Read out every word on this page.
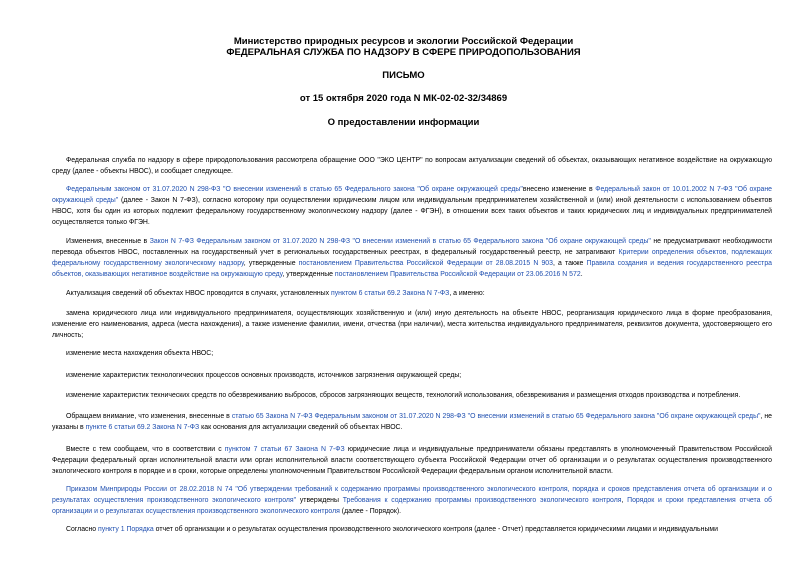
Министерство природных ресурсов и экологии Российской Федерации
ФЕДЕРАЛЬНАЯ СЛУЖБА ПО НАДЗОРУ В СФЕРЕ ПРИРОДОПОЛЬЗОВАНИЯ
ПИСЬМО
от 15 октября 2020 года N МК-02-02-32/34869
О предоставлении информации

Федеральная служба по надзору в сфере природопользования рассмотрела обращение ООО "ЭКО ЦЕНТР" по вопросам актуализации сведений об объектах, оказывающих негативное воздействие на окружающую среду (далее - объекты НВОС), и сообщает следующее.

Федеральным законом от 31.07.2020 N 298-ФЗ "О внесении изменений в статью 65 Федерального закона "Об охране окружающей среды"внесено изменение в Федеральный закон от 10.01.2002 N 7-ФЗ "Об охране окружающей среды" (далее - Закон N 7-ФЗ), согласно которому при осуществлении юридическим лицом или индивидуальным предпринимателем хозяйственной и (или) иной деятельности с использованием объектов НВОС, хотя бы один из которых подлежит федеральному государственному экологическому надзору (далее - ФГЭН), в отношении всех таких объектов и таких юридических лиц и индивидуальных предпринимателей осуществляется только ФГЭН.

Изменения, внесенные в Закон N 7-ФЗ Федеральным законом от 31.07.2020 N 298-ФЗ "О внесении изменений в статью 65 Федерального закона "Об охране окружающей среды" не предусматривают необходимости перевода объектов НВОС, поставленных на государственный учет в региональных государственных реестрах, в федеральный государственный реестр, не затрагивают Критерии определения объектов, подлежащих федеральному государственному экологическому надзору, утвержденные постановлением Правительства Российской Федерации от 28.08.2015 N 903, а также Правила создания и ведения государственного реестра объектов, оказывающих негативное воздействие на окружающую среду, утвержденные постановлением Правительства Российской Федерации от 23.06.2016 N 572.

Актуализация сведений об объектах НВОС проводится в случаях, установленных пунктом 6 статьи 69.2 Закона N 7-ФЗ, а именно:

замена юридического лица или индивидуального предпринимателя, осуществляющих хозяйственную и (или) иную деятельность на объекте НВОС, реорганизация юридического лица в форме преобразования, изменение его наименования, адреса (места нахождения), а также изменение фамилии, имени, отчества (при наличии), места жительства индивидуального предпринимателя, реквизитов документа, удостоверяющего его личность;

изменение места нахождения объекта НВОС;

изменение характеристик технологических процессов основных производств, источников загрязнения окружающей среды;

изменение характеристик технических средств по обезвреживанию выбросов, сбросов загрязняющих веществ, технологий использования, обезвреживания и размещения отходов производства и потребления.

Обращаем внимание, что изменения, внесенные в статью 65 Закона N 7-ФЗ Федеральным законом от 31.07.2020 N 298-ФЗ "О внесении изменений в статью 65 Федерального закона "Об охране окружающей среды", не указаны в пункте 6 статьи 69.2 Закона N 7-ФЗ как основания для актуализации сведений об объектах НВОС.

Вместе с тем сообщаем, что в соответствии с пунктом 7 статьи 67 Закона N 7-ФЗ юридические лица и индивидуальные предприниматели обязаны представлять в уполномоченный Правительством Российской Федерации федеральный орган исполнительной власти или орган исполнительной власти соответствующего субъекта Российской Федерации отчет об организации и о результатах осуществления производственного экологического контроля в порядке и в сроки, которые определены уполномоченным Правительством Российской Федерации федеральным органом исполнительной власти.

Приказом Минприроды России от 28.02.2018 N 74 "Об утверждении требований к содержанию программы производственного экологического контроля, порядка и сроков представления отчета об организации и о результатах осуществления производственного экологического контроля" утверждены Требования к содержанию программы производственного экологического контроля, Порядок и сроки представления отчета об организации и о результатах осуществления производственного экологического контроля (далее - Порядок).

Согласно пункту 1 Порядка отчет об организации и о результатах осуществления производственного экологического контроля (далее - Отчет) представляется юридическими лицами и индивидуальными
